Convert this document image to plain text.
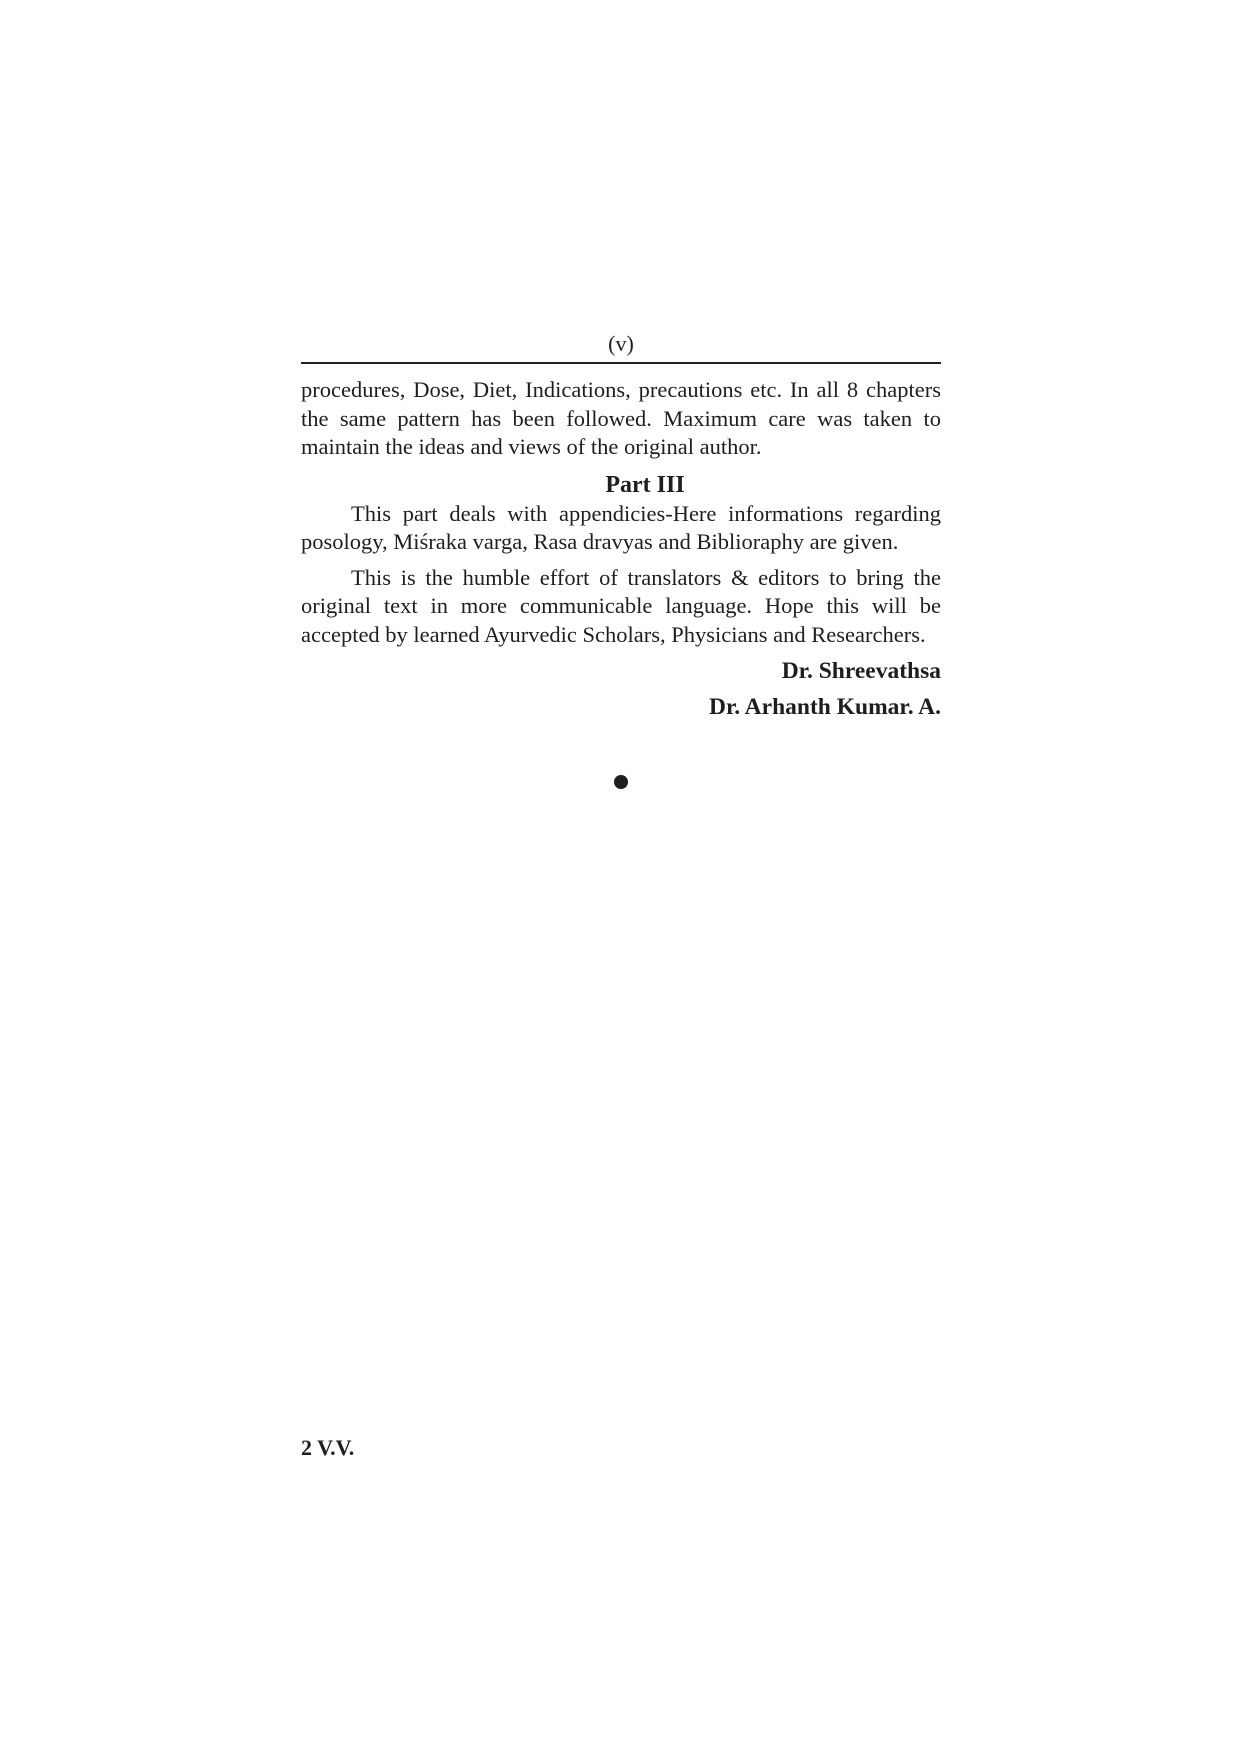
(v)

procedures, Dose, Diet, Indications, precautions etc. In all 8 chapters the same pattern has been followed. Maximum care was taken to maintain the ideas and views of the original author.

Part III

This part deals with appendicies-Here informations regarding posology, Miśraka varga, Rasa dravyas and Biblioraphy are given.

This is the humble effort of translators & editors to bring the original text in more communicable language. Hope this will be accepted by learned Ayurvedic Scholars, Physicians and Researchers.

Dr. Shreevathsa

Dr. Arhanth Kumar. A.

2 V.V.
